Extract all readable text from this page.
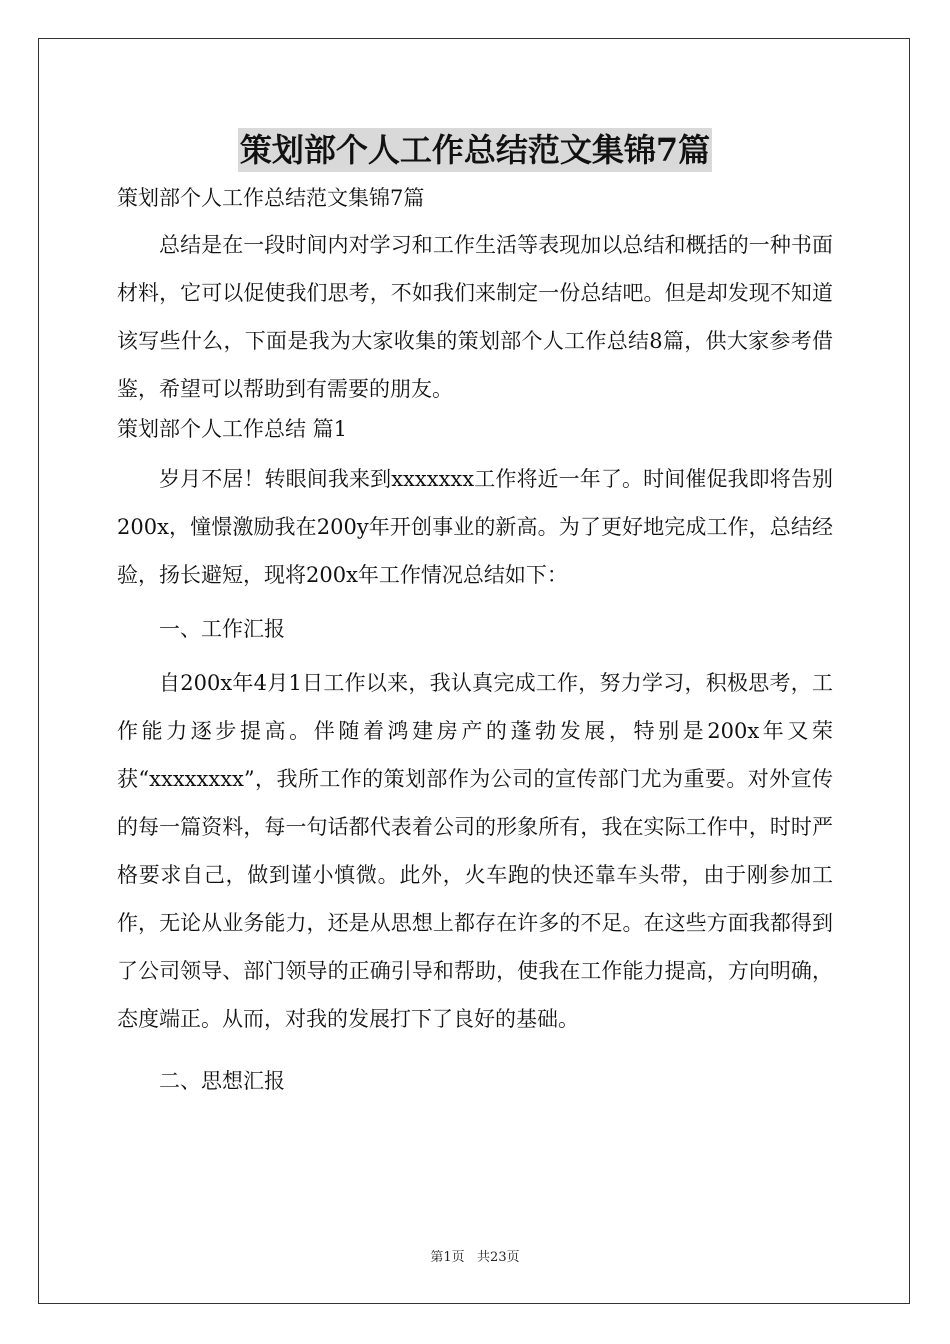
策划部个人工作总结范文集锦7篇

策划部个人工作总结范文集锦7篇

总结是在一段时间内对学习和工作生活等表现加以总结和概括的一种书面材料，它可以促使我们思考，不如我们来制定一份总结吧。但是却发现不知道该写些什么，下面是我为大家收集的策划部个人工作总结8篇，供大家参考借鉴，希望可以帮助到有需要的朋友。

策划部个人工作总结 篇1

岁月不居！转眼间我来到xxxxxxx工作将近一年了。时间催促我即将告别200x，憧憬激励我在200y年开创事业的新高。为了更好地完成工作，总结经验，扬长避短，现将200x年工作情况总结如下：

一、工作汇报

自200x年4月1日工作以来，我认真完成工作，努力学习，积极思考，工作能力逐步提高。伴随着鸿建房产的蓬勃发展，特别是200x年又荣获“xxxxxxxx”，我所工作的策划部作为公司的宣传部门尤为重要。对外宣传的每一篇资料，每一句话都代表着公司的形象所有，我在实际工作中，时时严格要求自己，做到谨小慎微。此外，火车跑的快还靠车头带，由于刚参加工作，无论从业务能力，还是从思想上都存在许多的不足。在这些方面我都得到了公司领导、部门领导的正确引导和帮助，使我在工作能力提高，方向明确，态度端正。从而，对我的发展打下了良好的基础。

二、思想汇报

第1页   共23页
